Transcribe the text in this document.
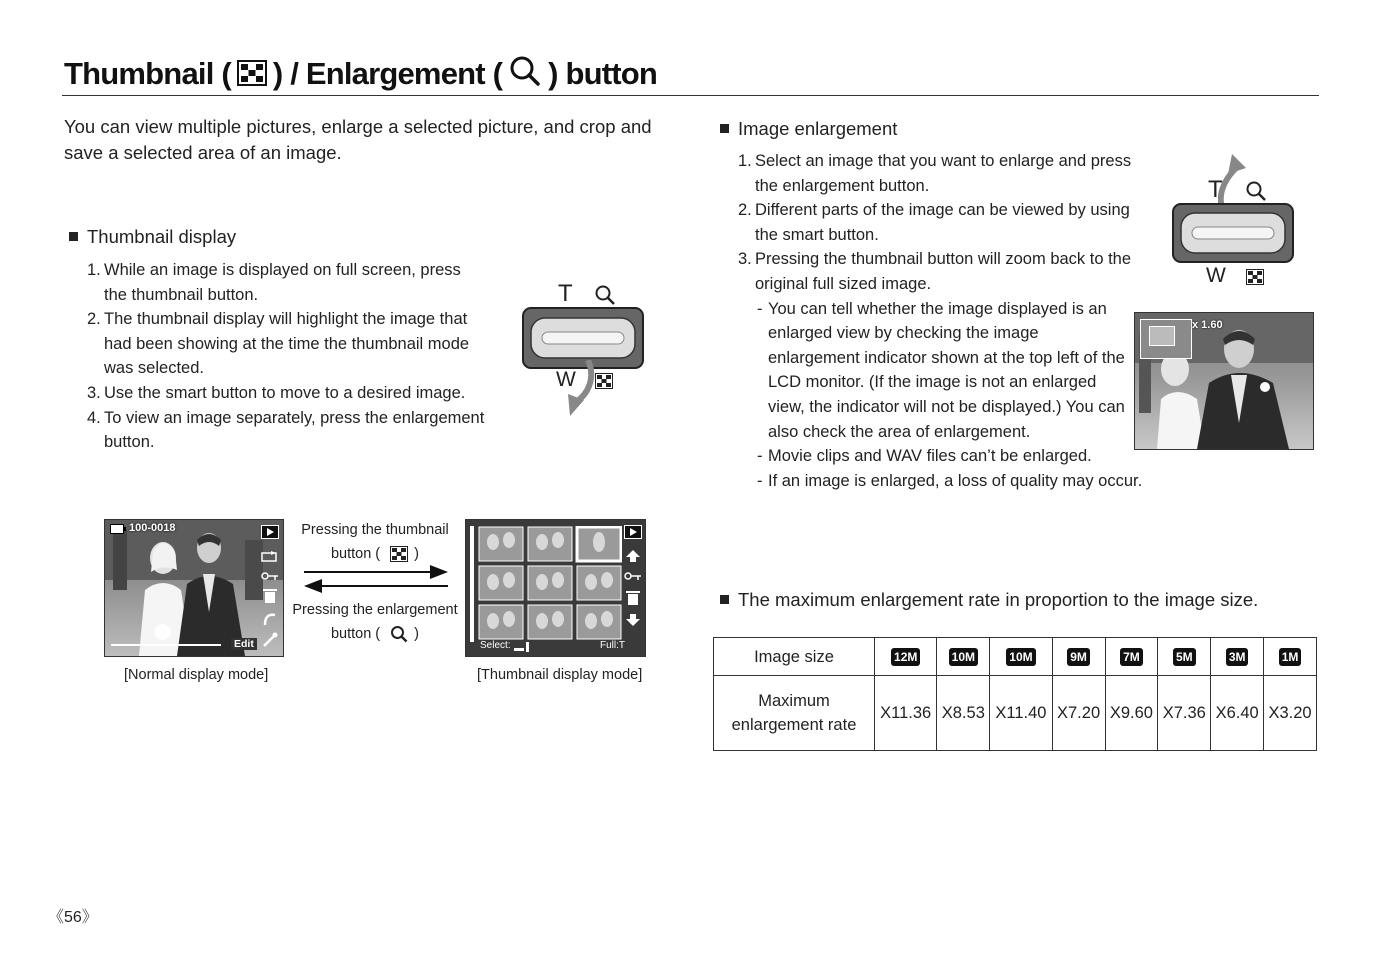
Thumbnail ( ) / Enlargement ( ) button
You can view multiple pictures, enlarge a selected picture, and crop and save a selected area of an image.
Thumbnail display
1. While an image is displayed on full screen, press the thumbnail button.
2. The thumbnail display will highlight the image that had been showing at the time the thumbnail mode was selected.
3. Use the smart button to move to a desired image.
4. To view an image separately, press the enlargement button.
T
W
100-0018
Edit
[Normal display mode]
Pressing the thumbnail
button ( )
Pressing the enlargement
button ( )
Select:	Full:T
[Thumbnail display mode]
Image enlargement
1. Select an image that you want to enlarge and press the enlargement button.
2. Different parts of the image can be viewed by using the smart button.
3. Pressing the thumbnail button will zoom back to the original full sized image.
- You can tell whether the image displayed is an enlarged view by checking the image enlargement indicator shown at the top left of the LCD monitor. (If the image is not an enlarged view, the indicator will not be displayed.) You can also check the area of enlargement.
- Movie clips and WAV files can’t be enlarged.
- If an image is enlarged, a loss of quality may occur.
T
W
x 1.60
The maximum enlargement rate in proportion to the image size.
Image size	12M	10M	10M	9M	7M	5M	3M	1M
Maximum enlargement rate	X11.36	X8.53	X11.40	X7.20	X9.60	X7.36	X6.40	X3.20
《56》
